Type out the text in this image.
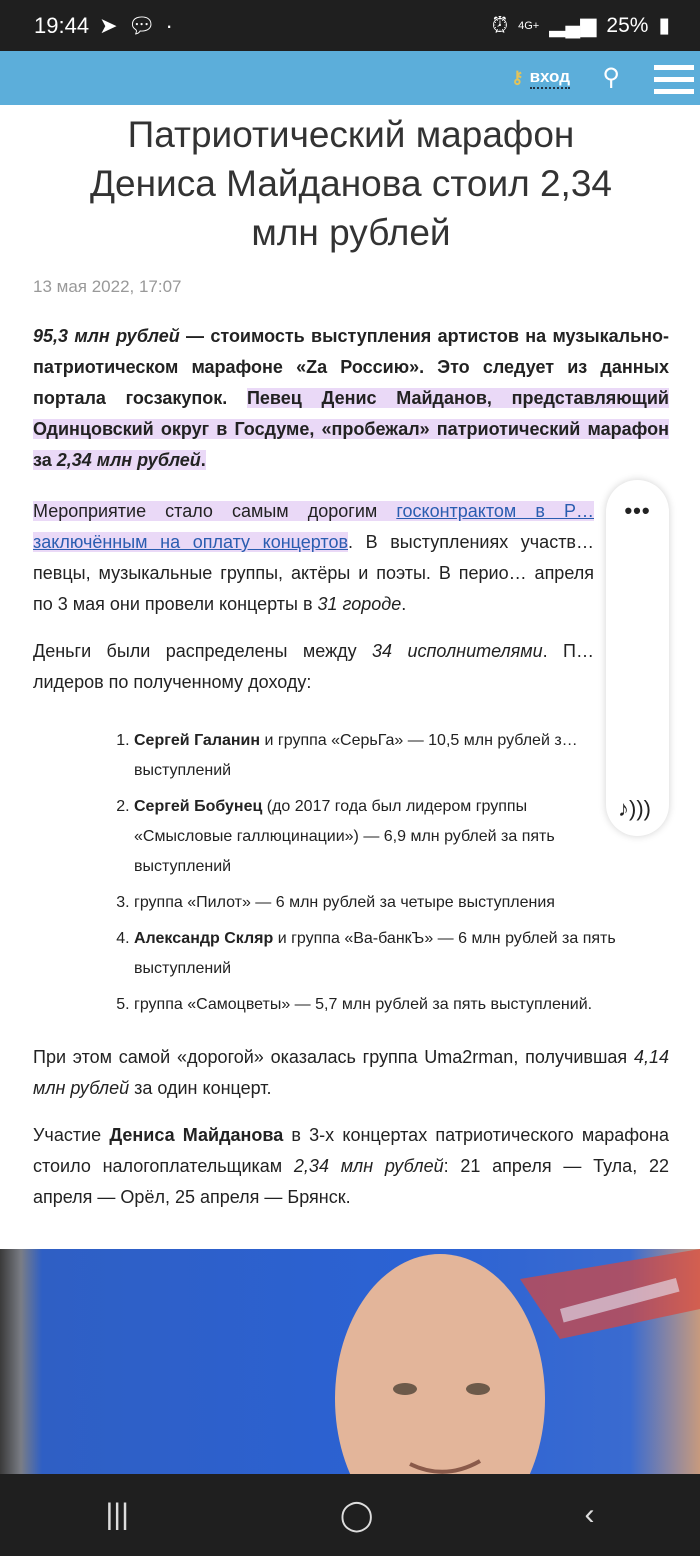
19:44 ➤ 💬︎ ·	⏰︎ 4G+ ▂▄▆ 25% ▮
⚷ вход ⚲
Патриотический марафон Дениса Майданова стоил 2,34 млн рублей
13 мая 2022, 17:07

95,3 млн рублей — стоимость выступления артистов на музыкально-патриотическом марафоне «Za Россию». Это следует из данных портала госзакупок. Певец Денис Майданов, представляющий Одинцовский округ в Госдуме, «пробежал» патриотический марафон за 2,34 млн рублей.

•••
♪)))

Мероприятие стало самым дорогим госконтрактом в Р… заключённым на оплату концертов. В выступлениях участв… певцы, музыкальные группы, актёры и поэты. В перио… апреля по 3 мая они провели концерты в 31 городе.

Деньги были распределены между 34 исполнителями. П… лидеров по полученному доходу:

1. Сергей Галанин и группа «СерьГа» — 10,5 млн рублей з… выступлений
2. Сергей Бобунец (до 2017 года был лидером группы «Смысловые галлюцинации») — 6,9 млн рублей за пять выступлений
3. группа «Пилот» — 6 млн рублей за четыре выступления
4. Александр Скляр и группа «Ва-банкЪ» — 6 млн рублей за пять выступлений
5. группа «Самоцветы» — 5,7 млн рублей за пять выступлений.

При этом самой «дорогой» оказалась группа Uma2rman, получившая 4,14 млн рублей за один концерт.

Участие Дениса Майданова в 3-х концертах патриотического марафона стоило налогоплательщикам 2,34 млн рублей: 21 апреля — Тула, 22 апреля — Орёл, 25 апреля — Брянск.

|||	◯	‹
